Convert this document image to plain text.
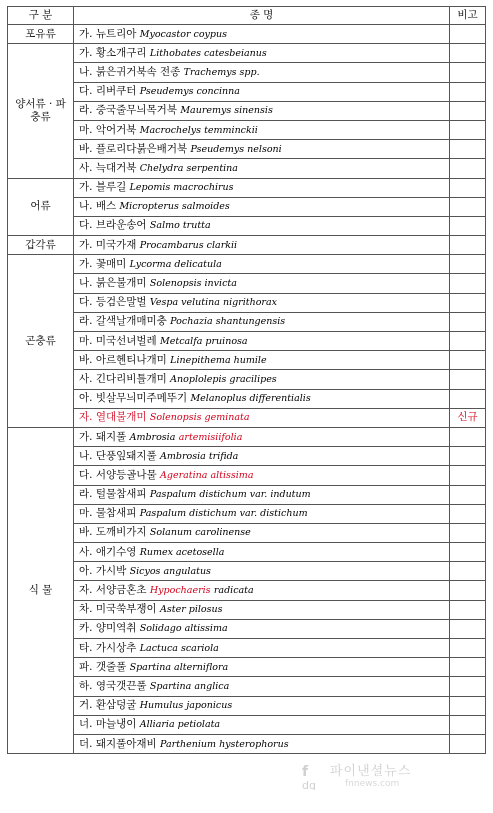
구 분	종 명	비고
포유류	가. 뉴트리아 Myocastor coypus	
양서류 · 파충류	가. 황소개구리 Lithobates catesbeianus	
	나. 붉은귀거북속 전종 Trachemys spp.	
	다. 리버쿠터 Pseudemys concinna	
	라. 중국줄무늬목거북 Mauremys sinensis	
	마. 악어거북 Macrochelys temminckii	
	바. 플로리다붉은배거북 Pseudemys nelsoni	
	사. 늑대거북 Chelydra serpentina	
어류	가. 블루길 Lepomis macrochirus	
	나. 배스 Micropterus salmoides	
	다. 브라운송어 Salmo trutta	
갑각류	가. 미국가재 Procambarus clarkii	
곤충류	가. 꽃매미 Lycorma delicatula	
	나. 붉은불개미 Solenopsis invicta	
	다. 등검은말벌 Vespa velutina nigrithorax	
	라. 갈색날개매미충 Pochazia shantungensis	
	마. 미국선녀벌레 Metcalfa pruinosa	
	바. 아르헨티나개미 Linepithema humile	
	사. 긴다리비틀개미 Anoplolepis gracilipes	
	아. 빗살무늬미주메뚜기 Melanoplus differentialis	
	자. 열대불개미 Solenopsis geminata	신규
식 물	가. 돼지풀 Ambrosia artemisiifolia	
	나. 단풍잎돼지풀 Ambrosia trifida	
	다. 서양등골나물 Ageratina altissima	
	라. 털물참새피 Paspalum distichum var. indutum	
	마. 물참새피 Paspalum distichum var. distichum	
	바. 도깨비가지 Solanum carolinense	
	사. 애기수영 Rumex acetosella	
	아. 가시박 Sicyos angulatus	
	자. 서양금혼초 Hypochaeris radicata	
	차. 미국쑥부쟁이 Aster pilosus	
	카. 양미역취 Solidago altissima	
	타. 가시상추 Lactuca scariola	
	파. 갯줄풀 Spartina alterniflora	
	하. 영국갯끈풀 Spartina anglica	
	거. 환삼덩굴 Humulus japonicus	
	너. 마늘냉이 Alliaria petiolata	
	더. 돼지풀아재비 Parthenium hysterophorus	
f
dg
파이낸셜뉴스
fnnews.com
